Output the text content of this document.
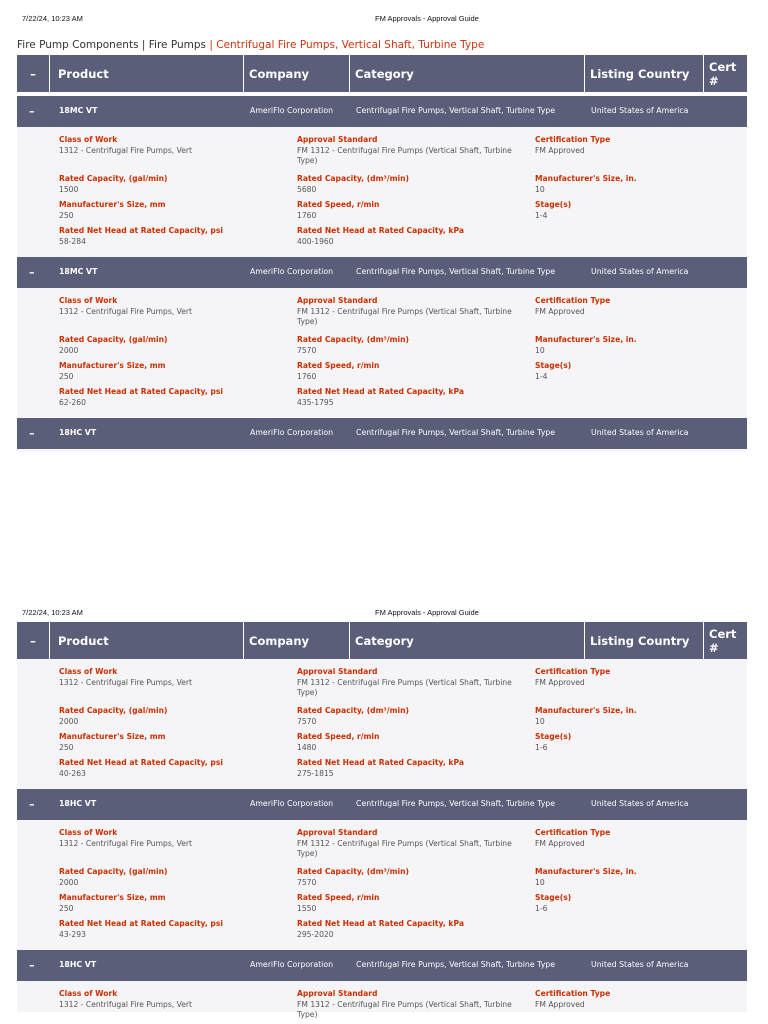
7/22/24, 10:23 AM	FM Approvals - Approval Guide
Fire Pump Components | Fire Pumps | Centrifugal Fire Pumps, Vertical Shaft, Turbine Type
–	Product	Company	Category	Listing Country	Cert #
–	18MC VT	AmeriFlo Corporation	Centrifugal Fire Pumps, Vertical Shaft, Turbine Type	United States of America
Class of Work
1312 - Centrifugal Fire Pumps, Vert
Approval Standard
FM 1312 - Centrifugal Fire Pumps (Vertical Shaft, Turbine Type)
Certification Type
FM Approved
Rated Capacity, (gal/min)
1500
Rated Capacity, (dm³/min)
5680
Manufacturer's Size, in.
10
Manufacturer's Size, mm
250
Rated Speed, r/min
1760
Stage(s)
1-4
Rated Net Head at Rated Capacity, psi
58-284
Rated Net Head at Rated Capacity, kPa
400-1960
–	18MC VT	AmeriFlo Corporation	Centrifugal Fire Pumps, Vertical Shaft, Turbine Type	United States of America
Class of Work
1312 - Centrifugal Fire Pumps, Vert
Approval Standard
FM 1312 - Centrifugal Fire Pumps (Vertical Shaft, Turbine Type)
Certification Type
FM Approved
Rated Capacity, (gal/min)
2000
Rated Capacity, (dm³/min)
7570
Manufacturer's Size, in.
10
Manufacturer's Size, mm
250
Rated Speed, r/min
1760
Stage(s)
1-4
Rated Net Head at Rated Capacity, psi
62-260
Rated Net Head at Rated Capacity, kPa
435-1795
–	18HC VT	AmeriFlo Corporation	Centrifugal Fire Pumps, Vertical Shaft, Turbine Type	United States of America
7/22/24, 10:23 AM	FM Approvals - Approval Guide
–	Product	Company	Category	Listing Country	Cert #
Class of Work
1312 - Centrifugal Fire Pumps, Vert
Approval Standard
FM 1312 - Centrifugal Fire Pumps (Vertical Shaft, Turbine Type)
Certification Type
FM Approved
Rated Capacity, (gal/min)
2000
Rated Capacity, (dm³/min)
7570
Manufacturer's Size, in.
10
Manufacturer's Size, mm
250
Rated Speed, r/min
1480
Stage(s)
1-6
Rated Net Head at Rated Capacity, psi
40-263
Rated Net Head at Rated Capacity, kPa
275-1815
–	18HC VT	AmeriFlo Corporation	Centrifugal Fire Pumps, Vertical Shaft, Turbine Type	United States of America
Class of Work
1312 - Centrifugal Fire Pumps, Vert
Approval Standard
FM 1312 - Centrifugal Fire Pumps (Vertical Shaft, Turbine Type)
Certification Type
FM Approved
Rated Capacity, (gal/min)
2000
Rated Capacity, (dm³/min)
7570
Manufacturer's Size, in.
10
Manufacturer's Size, mm
250
Rated Speed, r/min
1550
Stage(s)
1-6
Rated Net Head at Rated Capacity, psi
43-293
Rated Net Head at Rated Capacity, kPa
295-2020
–	18HC VT	AmeriFlo Corporation	Centrifugal Fire Pumps, Vertical Shaft, Turbine Type	United States of America
Class of Work
1312 - Centrifugal Fire Pumps, Vert
Approval Standard
FM 1312 - Centrifugal Fire Pumps (Vertical Shaft, Turbine Type)
Certification Type
FM Approved
